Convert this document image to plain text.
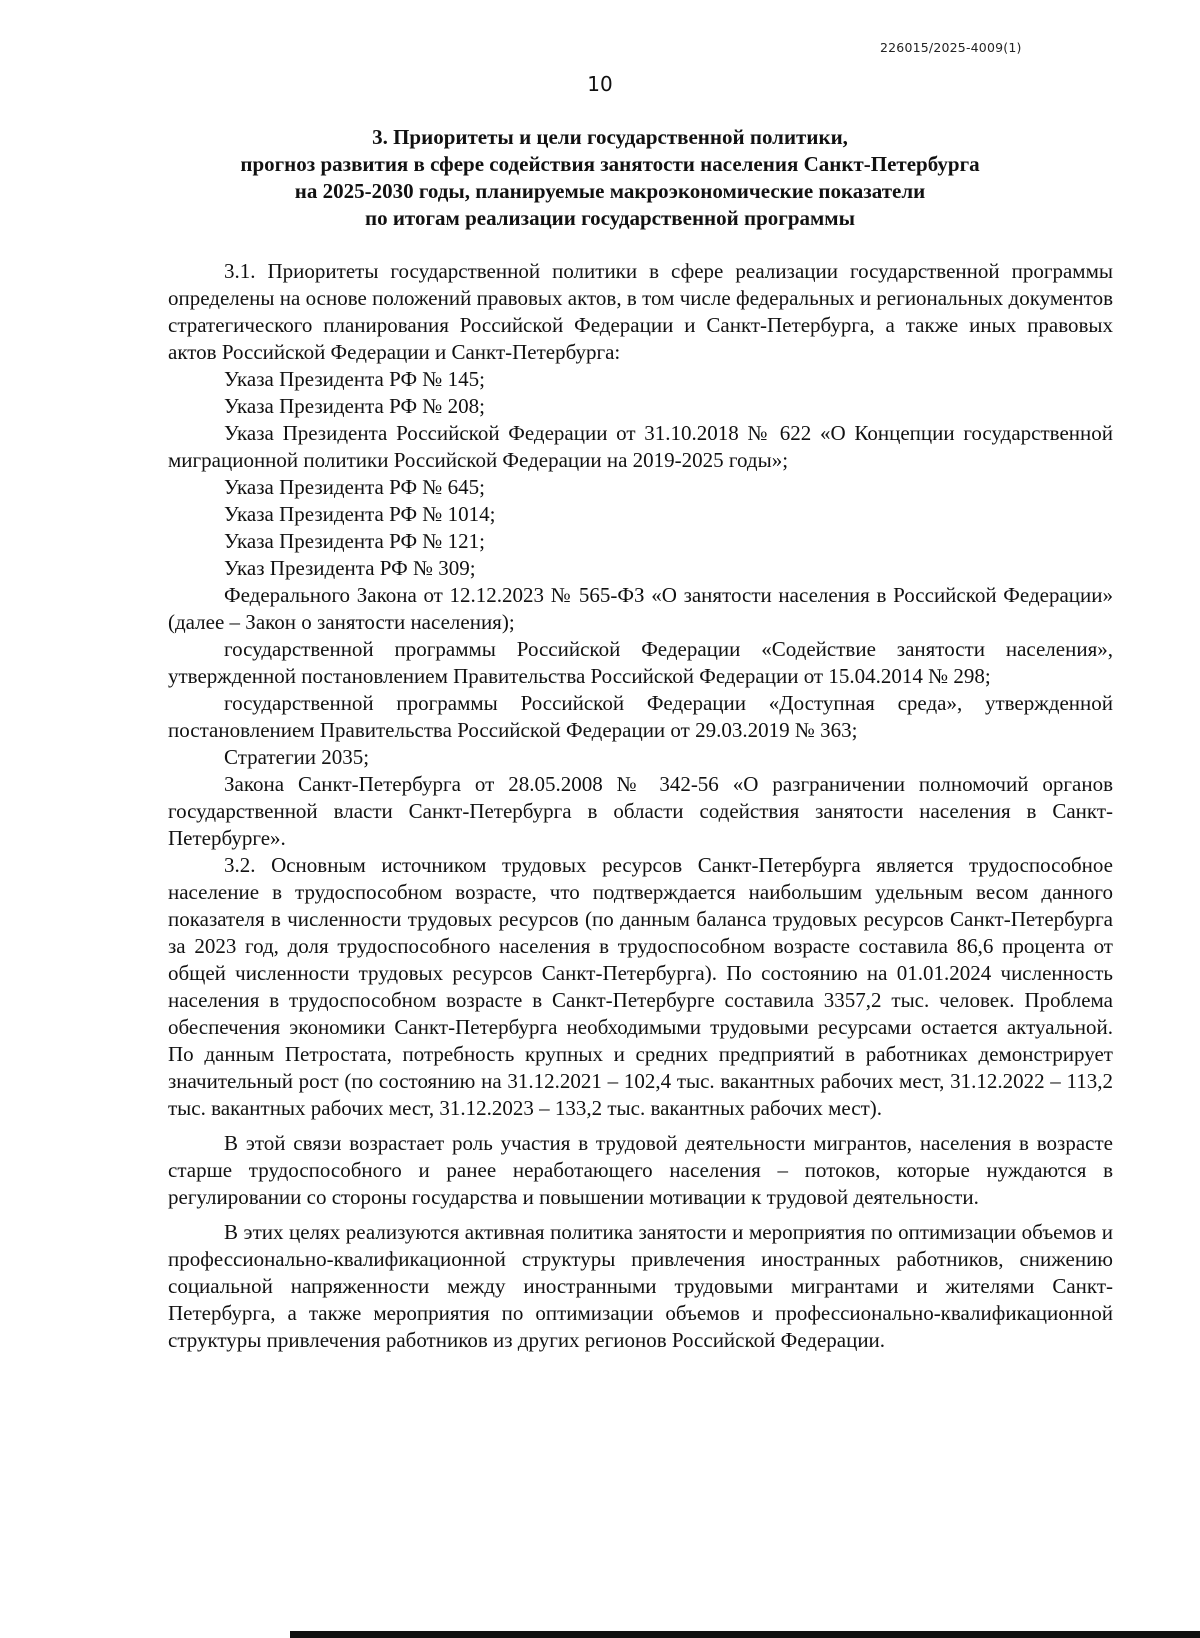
226015/2025-4009(1)
10
3. Приоритеты и цели государственной политики,
прогноз развития в сфере содействия занятости населения Санкт-Петербурга
на 2025-2030 годы, планируемые макроэкономические показатели
по итогам реализации государственной программы

3.1. Приоритеты государственной политики в сфере реализации государственной программы определены на основе положений правовых актов, в том числе федеральных и региональных документов стратегического планирования Российской Федерации и Санкт-Петербурга, а также иных правовых актов Российской Федерации и Санкт-Петербурга:

Указа Президента РФ № 145;

Указа Президента РФ № 208;

Указа Президента Российской Федерации от 31.10.2018 № 622 «О Концепции государственной миграционной политики Российской Федерации на 2019-2025 годы»;

Указа Президента РФ № 645;

Указа Президента РФ № 1014;

Указа Президента РФ № 121;

Указ Президента РФ № 309;

Федерального Закона от 12.12.2023 № 565-ФЗ «О занятости населения в Российской Федерации» (далее – Закон о занятости населения);

государственной программы Российской Федерации «Содействие занятости населения», утвержденной постановлением Правительства Российской Федерации от 15.04.2014 № 298;

государственной программы Российской Федерации «Доступная среда», утвержденной постановлением Правительства Российской Федерации от 29.03.2019 № 363;

Стратегии 2035;

Закона Санкт-Петербурга от 28.05.2008 № 342-56 «О разграничении полномочий органов государственной власти Санкт-Петербурга в области содействия занятости населения в Санкт-Петербурге».

3.2. Основным источником трудовых ресурсов Санкт-Петербурга является трудоспособное население в трудоспособном возрасте, что подтверждается наибольшим удельным весом данного показателя в численности трудовых ресурсов (по данным баланса трудовых ресурсов Санкт-Петербурга за 2023 год, доля трудоспособного населения в трудоспособном возрасте составила 86,6 процента от общей численности трудовых ресурсов Санкт-Петербурга). По состоянию на 01.01.2024 численность населения в трудоспособном возрасте в Санкт-Петербурге составила 3357,2 тыс. человек. Проблема обеспечения экономики Санкт-Петербурга необходимыми трудовыми ресурсами остается актуальной. По данным Петростата, потребность крупных и средних предприятий в работниках демонстрирует значительный рост (по состоянию на 31.12.2021 – 102,4 тыс. вакантных рабочих мест, 31.12.2022 – 113,2 тыс. вакантных рабочих мест, 31.12.2023 – 133,2 тыс. вакантных рабочих мест).

В этой связи возрастает роль участия в трудовой деятельности мигрантов, населения в возрасте старше трудоспособного и ранее неработающего населения – потоков, которые нуждаются в регулировании со стороны государства и повышении мотивации к трудовой деятельности.

В этих целях реализуются активная политика занятости и мероприятия по оптимизации объемов и профессионально-квалификационной структуры привлечения иностранных работников, снижению социальной напряженности между иностранными трудовыми мигрантами и жителями Санкт-Петербурга, а также мероприятия по оптимизации объемов и профессионально-квалификационной структуры привлечения работников из других регионов Российской Федерации.
